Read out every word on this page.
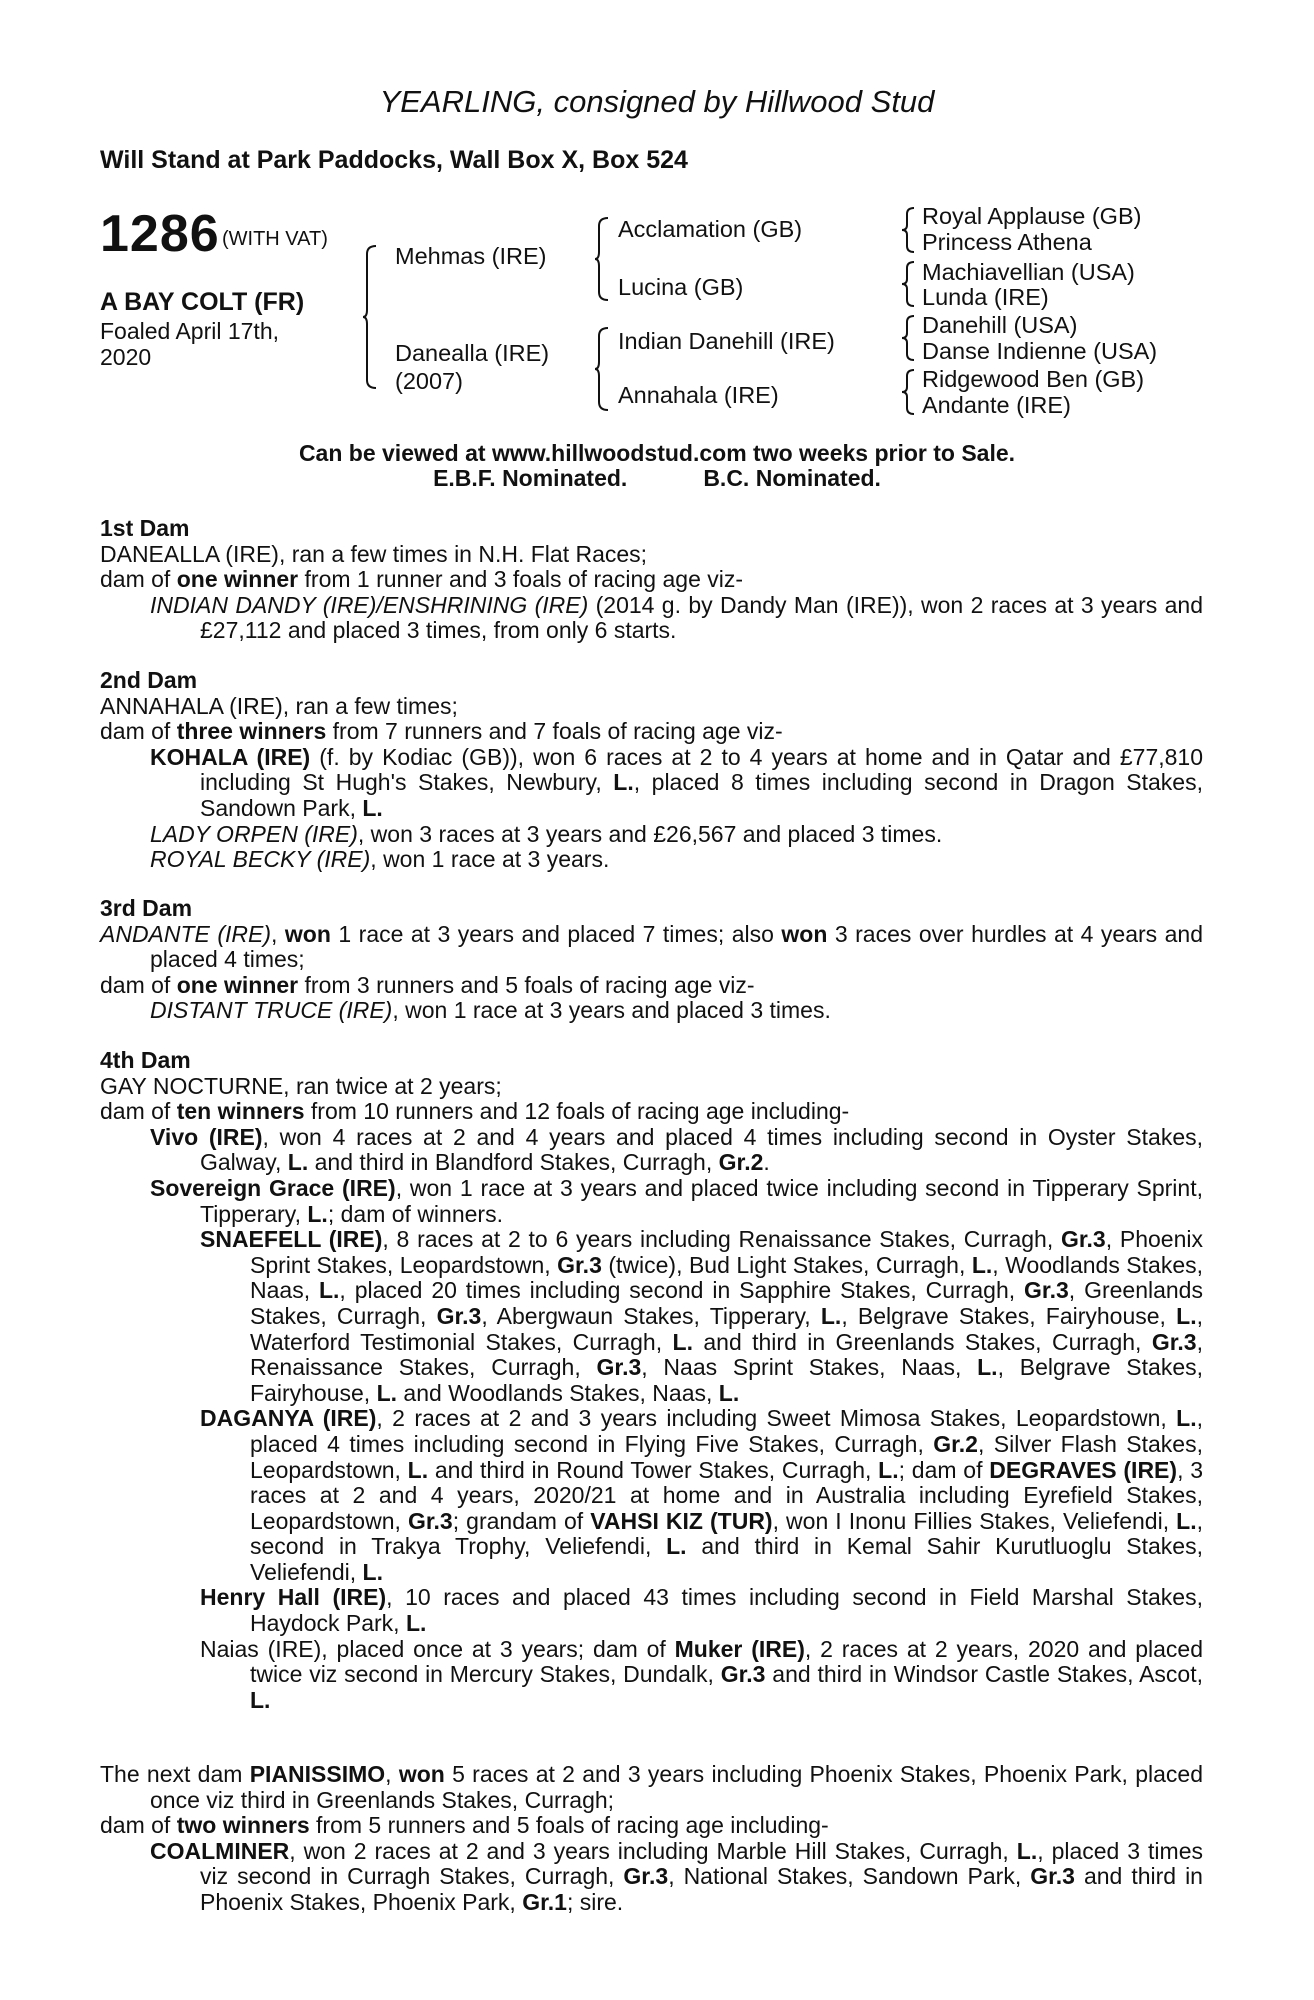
YEARLING, consigned by Hillwood Stud
Will Stand at Park Paddocks, Wall Box X, Box 524
1286 (WITH VAT)
A BAY COLT (FR)
Foaled April 17th, 2020
Mehmas (IRE)
Danealla (IRE)
(2007)
Acclamation (GB)
Lucina (GB)
Indian Danehill (IRE)
Annahala (IRE)
Royal Applause (GB)
Princess Athena
Machiavellian (USA)
Lunda (IRE)
Danehill (USA)
Danse Indienne (USA)
Ridgewood Ben (GB)
Andante (IRE)
Can be viewed at www.hillwoodstud.com two weeks prior to Sale.
E.B.F. Nominated.	B.C. Nominated.

1st Dam

DANEALLA (IRE), ran a few times in N.H. Flat Races;

dam of one winner from 1 runner and 3 foals of racing age viz-

INDIAN DANDY (IRE)/ENSHRINING (IRE) (2014 g. by Dandy Man (IRE)), won 2 races at 3 years and £27,112 and placed 3 times, from only 6 starts.

2nd Dam

ANNAHALA (IRE), ran a few times;

dam of three winners from 7 runners and 7 foals of racing age viz-

KOHALA (IRE) (f. by Kodiac (GB)), won 6 races at 2 to 4 years at home and in Qatar and £77,810 including St Hugh's Stakes, Newbury, L., placed 8 times including second in Dragon Stakes, Sandown Park, L.

LADY ORPEN (IRE), won 3 races at 3 years and £26,567 and placed 3 times.

ROYAL BECKY (IRE), won 1 race at 3 years.

3rd Dam

ANDANTE (IRE), won 1 race at 3 years and placed 7 times; also won 3 races over hurdles at 4 years and placed 4 times;

dam of one winner from 3 runners and 5 foals of racing age viz-

DISTANT TRUCE (IRE), won 1 race at 3 years and placed 3 times.

4th Dam

GAY NOCTURNE, ran twice at 2 years;

dam of ten winners from 10 runners and 12 foals of racing age including-

Vivo (IRE), won 4 races at 2 and 4 years and placed 4 times including second in Oyster Stakes, Galway, L. and third in Blandford Stakes, Curragh, Gr.2.

Sovereign Grace (IRE), won 1 race at 3 years and placed twice including second in Tipperary Sprint, Tipperary, L.; dam of winners.

SNAEFELL (IRE), 8 races at 2 to 6 years including Renaissance Stakes, Curragh, Gr.3, Phoenix Sprint Stakes, Leopardstown, Gr.3 (twice), Bud Light Stakes, Curragh, L., Woodlands Stakes, Naas, L., placed 20 times including second in Sapphire Stakes, Curragh, Gr.3, Greenlands Stakes, Curragh, Gr.3, Abergwaun Stakes, Tipperary, L., Belgrave Stakes, Fairyhouse, L., Waterford Testimonial Stakes, Curragh, L. and third in Greenlands Stakes, Curragh, Gr.3, Renaissance Stakes, Curragh, Gr.3, Naas Sprint Stakes, Naas, L., Belgrave Stakes, Fairyhouse, L. and Woodlands Stakes, Naas, L.

DAGANYA (IRE), 2 races at 2 and 3 years including Sweet Mimosa Stakes, Leopardstown, L., placed 4 times including second in Flying Five Stakes, Curragh, Gr.2, Silver Flash Stakes, Leopardstown, L. and third in Round Tower Stakes, Curragh, L.; dam of DEGRAVES (IRE), 3 races at 2 and 4 years, 2020/21 at home and in Australia including Eyrefield Stakes, Leopardstown, Gr.3; grandam of VAHSI KIZ (TUR), won I Inonu Fillies Stakes, Veliefendi, L., second in Trakya Trophy, Veliefendi, L. and third in Kemal Sahir Kurutluoglu Stakes, Veliefendi, L.

Henry Hall (IRE), 10 races and placed 43 times including second in Field Marshal Stakes, Haydock Park, L.

Naias (IRE), placed once at 3 years; dam of Muker (IRE), 2 races at 2 years, 2020 and placed twice viz second in Mercury Stakes, Dundalk, Gr.3 and third in Windsor Castle Stakes, Ascot, L.

The next dam PIANISSIMO, won 5 races at 2 and 3 years including Phoenix Stakes, Phoenix Park, placed once viz third in Greenlands Stakes, Curragh;

dam of two winners from 5 runners and 5 foals of racing age including-

COALMINER, won 2 races at 2 and 3 years including Marble Hill Stakes, Curragh, L., placed 3 times viz second in Curragh Stakes, Curragh, Gr.3, National Stakes, Sandown Park, Gr.3 and third in Phoenix Stakes, Phoenix Park, Gr.1; sire.
